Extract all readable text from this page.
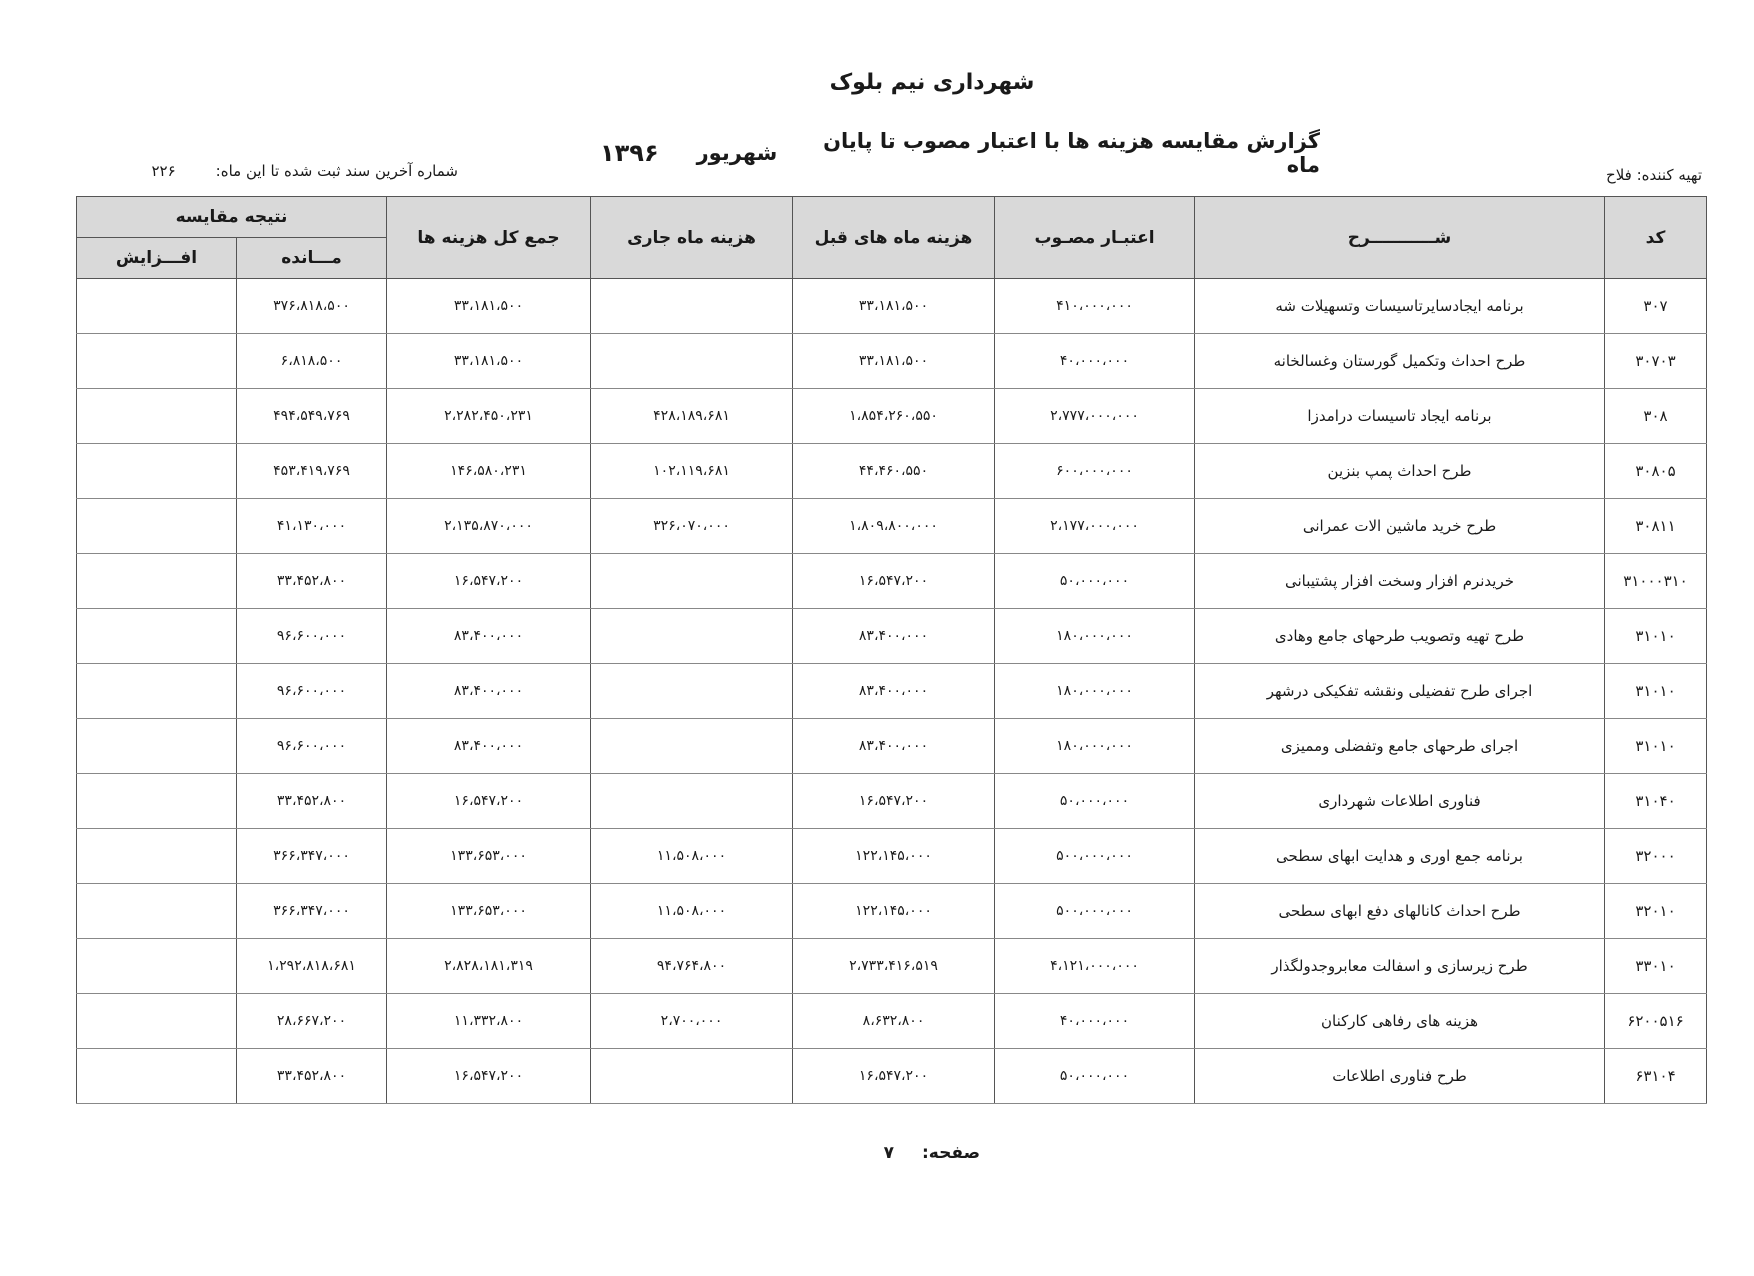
شهرداری نیم بلوک
گزارش مقایسه هزینه ها با اعتبار مصوب تا پایان ماه
شهریور
۱۳۹۶
شماره آخرین سند ثبت شده تا این ماه:
۲۲۶	تهیه کننده: فلاح
کد	شـــــــــــرح	اعتبـار مصـوب	هزینه ماه های قبل	هزینه ماه جاری	جمع کل هزینه ها	نتیجه مقایسه	
						مـــانده	افـــزایش
۳۰۷	برنامه ایجادسایرتاسیسات وتسهیلات شه	۴۱۰،۰۰۰،۰۰۰	۳۳،۱۸۱،۵۰۰		۳۳،۱۸۱،۵۰۰	۳۷۶،۸۱۸،۵۰۰	
۳۰۷۰۳	طرح احداث وتکمیل گورستان وغسالخانه	۴۰،۰۰۰،۰۰۰	۳۳،۱۸۱،۵۰۰		۳۳،۱۸۱،۵۰۰	۶،۸۱۸،۵۰۰	
۳۰۸	برنامه ایجاد تاسیسات درامدزا	۲،۷۷۷،۰۰۰،۰۰۰	۱،۸۵۴،۲۶۰،۵۵۰	۴۲۸،۱۸۹،۶۸۱	۲،۲۸۲،۴۵۰،۲۳۱	۴۹۴،۵۴۹،۷۶۹	
۳۰۸۰۵	طرح احداث پمپ بنزین	۶۰۰،۰۰۰،۰۰۰	۴۴،۴۶۰،۵۵۰	۱۰۲،۱۱۹،۶۸۱	۱۴۶،۵۸۰،۲۳۱	۴۵۳،۴۱۹،۷۶۹	
۳۰۸۱۱	طرح خرید ماشین الات عمرانی	۲،۱۷۷،۰۰۰،۰۰۰	۱،۸۰۹،۸۰۰،۰۰۰	۳۲۶،۰۷۰،۰۰۰	۲،۱۳۵،۸۷۰،۰۰۰	۴۱،۱۳۰،۰۰۰	
۳۱۰۰۰۳۱۰	خریدنرم افزار وسخت افزار پشتیبانی	۵۰،۰۰۰،۰۰۰	۱۶،۵۴۷،۲۰۰		۱۶،۵۴۷،۲۰۰	۳۳،۴۵۲،۸۰۰	
۳۱۰۱۰	طرح تهیه وتصویب طرحهای جامع وهادی	۱۸۰،۰۰۰،۰۰۰	۸۳،۴۰۰،۰۰۰		۸۳،۴۰۰،۰۰۰	۹۶،۶۰۰،۰۰۰	
۳۱۰۱۰	اجرای طرح تفضیلی ونقشه تفکیکی درشهر	۱۸۰،۰۰۰،۰۰۰	۸۳،۴۰۰،۰۰۰		۸۳،۴۰۰،۰۰۰	۹۶،۶۰۰،۰۰۰	
۳۱۰۱۰	اجرای طرحهای جامع وتفضلی وممیزی	۱۸۰،۰۰۰،۰۰۰	۸۳،۴۰۰،۰۰۰		۸۳،۴۰۰،۰۰۰	۹۶،۶۰۰،۰۰۰	
۳۱۰۴۰	فناوری اطلاعات شهرداری	۵۰،۰۰۰،۰۰۰	۱۶،۵۴۷،۲۰۰		۱۶،۵۴۷،۲۰۰	۳۳،۴۵۲،۸۰۰	
۳۲۰۰۰	برنامه جمع اوری و هدایت ابهای سطحی	۵۰۰،۰۰۰،۰۰۰	۱۲۲،۱۴۵،۰۰۰	۱۱،۵۰۸،۰۰۰	۱۳۳،۶۵۳،۰۰۰	۳۶۶،۳۴۷،۰۰۰	
۳۲۰۱۰	طرح احداث کانالهای دفع ابهای سطحی	۵۰۰،۰۰۰،۰۰۰	۱۲۲،۱۴۵،۰۰۰	۱۱،۵۰۸،۰۰۰	۱۳۳،۶۵۳،۰۰۰	۳۶۶،۳۴۷،۰۰۰	
۳۳۰۱۰	طرح زیرسازی و اسفالت معابروجدولگذار	۴،۱۲۱،۰۰۰،۰۰۰	۲،۷۳۳،۴۱۶،۵۱۹	۹۴،۷۶۴،۸۰۰	۲،۸۲۸،۱۸۱،۳۱۹	۱،۲۹۲،۸۱۸،۶۸۱	
۶۲۰۰۵۱۶	هزینه های رفاهی کارکنان	۴۰،۰۰۰،۰۰۰	۸،۶۳۲،۸۰۰	۲،۷۰۰،۰۰۰	۱۱،۳۳۲،۸۰۰	۲۸،۶۶۷،۲۰۰	
۶۳۱۰۴	طرح فناوری اطلاعات	۵۰،۰۰۰،۰۰۰	۱۶،۵۴۷،۲۰۰		۱۶،۵۴۷،۲۰۰	۳۳،۴۵۲،۸۰۰	
صفحه:
۷
